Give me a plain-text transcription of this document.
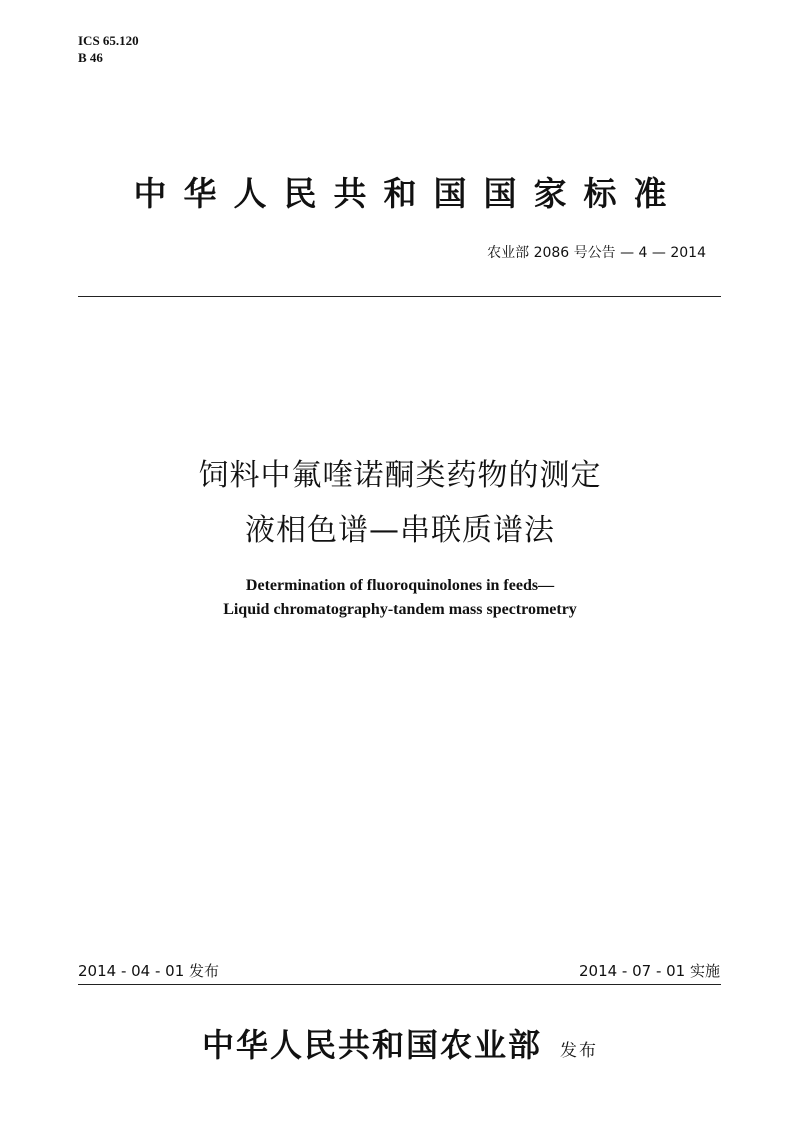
ICS 65.120
B 46
中华人民共和国国家标准
农业部 2086 号公告 — 4 — 2014
饲料中氟喹诺酮类药物的测定
液相色谱—串联质谱法
Determination of fluoroquinolones in feeds—
Liquid chromatography-tandem mass spectrometry
2014 - 04 - 01 发布	2014 - 07 - 01 实施
中华人民共和国农业部 发布
